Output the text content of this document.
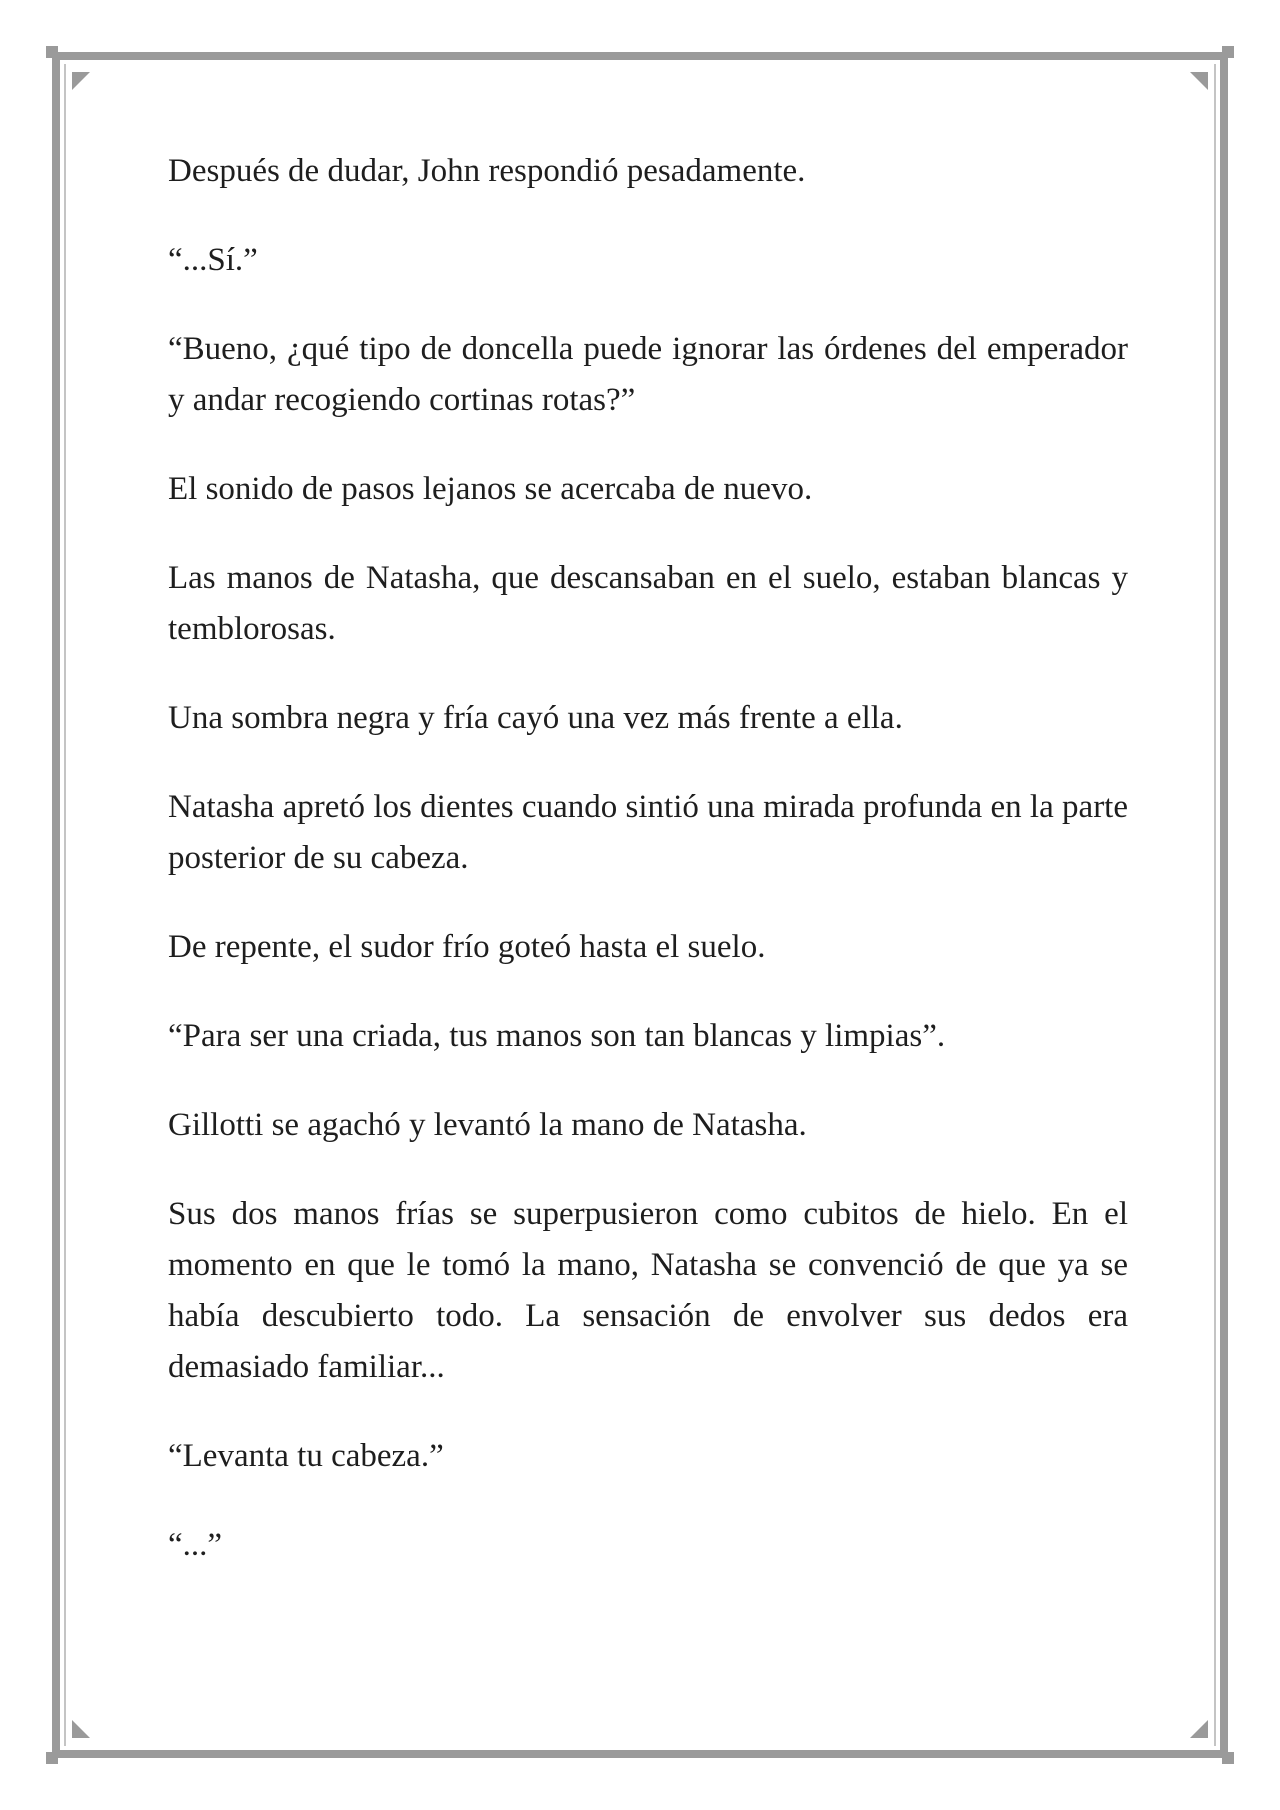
Después de dudar, John respondió pesadamente.

“...Sí.”

“Bueno, ¿qué tipo de doncella puede ignorar las órdenes del emperador y andar recogiendo cortinas rotas?”

El sonido de pasos lejanos se acercaba de nuevo.

Las manos de Natasha, que descansaban en el suelo, estaban blancas y temblorosas.

Una sombra negra y fría cayó una vez más frente a ella.

Natasha apretó los dientes cuando sintió una mirada profunda en la parte posterior de su cabeza.

De repente, el sudor frío goteó hasta el suelo.

“Para ser una criada, tus manos son tan blancas y limpias”.

Gillotti se agachó y levantó la mano de Natasha.

Sus dos manos frías se superpusieron como cubitos de hielo. En el momento en que le tomó la mano, Natasha se convenció de que ya se había descubierto todo. La sensación de envolver sus dedos era demasiado familiar...

“Levanta tu cabeza.”

“...”
